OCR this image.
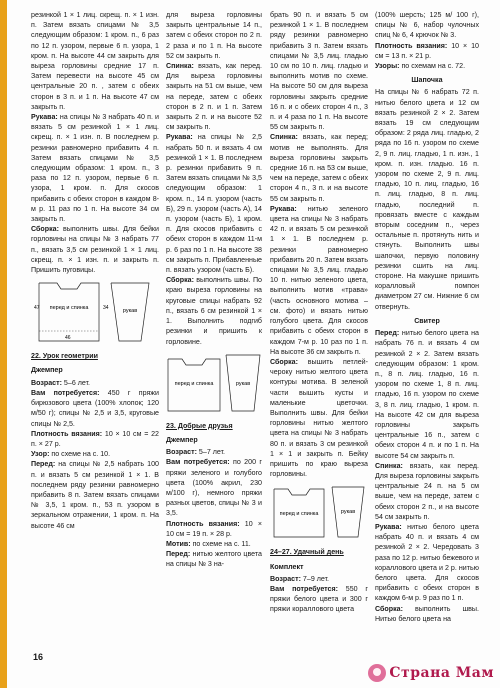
резинкой 1 × 1 лиц. скрещ. п. × 1 изн. п. Затем вязать спицами № 3,5 следующим образом: 1 кром. п., 6 раз по 12 п. узором, первые 6 п. узора, 1 кром. п. На высоте 44 см закрыть для выреза горловины средние 17 п. Затем перевести на высоте 45 см центральные 20 п. , затем с обеих сторон в 3 п. и 1 п. На высоте 47 см закрыть п.

Рукава: на спицы № 3 набрать 40 п. и вязать 5 см резинкой 1 × 1 лиц. скрещ. п. × 1 изн. п. В последнем р. резинки равномерно прибавить 4 п. Затем вязать спицами № 3,5 следующим образом: 1 кром. п., 3 раза по 12 п. узором, первые 6 п. узора, 1 кром. п. Для скосов прибавить с обеих сторон в каждом 8-м р. 11 раз по 1 п. На высоте 34 см закрыть п.

Сборка: выполнить швы. Для бейки горловины на спицы № 3 набрать 77 п., вязать 3,5 см резинкой 1 × 1 лиц. скрещ. п. × 1 изн. п. и закрыть п. Пришить пуговицы.

перед и спинка	рукав
47	34
46

22. Урок геометрии

Джемпер

Возраст: 5–6 лет.

Вам потребуется: 450 г пряжи бирюзового цвета (100% хлопок; 120 м/50 г); спицы № 2,5 и 3,5, круговые спицы № 2,5.

Плотность вязания: 10 × 10 см = 22 п. × 27 р.

Узор: по схеме на с. 10.

Перед: на спицы № 2,5 набрать 100 п. и вязать 5 см резинкой 1 × 1. В последнем ряду резинки равномерно прибавить 8 п. Затем вязать спицами № 3,5, 1 кром. п., 53 п. узором в зеркальном отражении, 1 кром. п. На высоте 46 см

для выреза горловины закрыть центральные 14 п., затем с обеих сторон по 2 п. 2 раза и по 1 п. На высоте 52 см закрыть п.

Спинка: вязать, как перед. Для выреза горловины закрыть на 51 см выше, чем на переде, затем с обеих сторон в 2 п. и 1 п. Затем закрыть 2 п. и на высоте 52 см закрыть п.

Рукава: на спицы № 2,5 набрать 50 п. и вязать 4 см резинкой 1 × 1. В последнем р. резинки прибавить 9 п. Затем вязать спицами № 3,5 следующим образом: 1 кром. п., 14 п. узором (часть Б), 29 п. узором (часть А), 14 п. узором (часть Б), 1 кром. п. Для скосов прибавить с обеих сторон в каждом 11-м р. 6 раз по 1 п. На высоте 38 см закрыть п. Прибавленные п. вязать узором (часть Б).

Сборка: выполнить швы. По краю выреза горловины на круговые спицы набрать 92 п., вязать 6 см резинкой 1 × 1. Выполнить подгиб резинки и пришить к горловине.

перед и спинка	рукав

23. Добрые друзья

Джемпер

Возраст: 5–7 лет.

Вам потребуется: по 200 г пряжи зеленого и голубого цвета (100% акрил, 230 м/100 г), немного пряжи разных цветов, спицы № 3 и 3,5.

Плотность вязания: 10 × 10 см = 19 п. × 28 р.

Мотив: по схеме на с. 11.

Перед: нитью желтого цвета на спицы № 3 на-

брать 90 п. и вязать 5 см резинкой 1 × 1. В последнем ряду резинки равномерно прибавить 3 п. Затем вязать спицами № 3,5 лиц. гладью 10 см по 10 п. лиц. гладью и выполнить мотив по схеме. На высоте 50 см для выреза горловины закрыть средние 16 п. и с обеих сторон 4 п., 3 п. и 4 раза по 1 п. На высоте 55 см закрыть п.

Спинка: вязать, как перед; мотив не выполнять. Для выреза горловины закрыть средние 16 п. на 53 см выше, чем на переде, затем с обеих сторон 4 п., 3 п. и на высоте 55 см закрыть п.

Рукава: нитью зеленого цвета на спицы № 3 набрать 42 п. и вязать 5 см резинкой 1 × 1. В последнем р. резинки равномерно прибавить 20 п. Затем вязать спицами № 3,5 лиц. гладью 10 п. нитью зеленого цвета, выполнить мотив «трава» (часть основного мотива – см. фото) и вязать нитью голубого цвета. Для скосов прибавить с обеих сторон в каждом 7-м р. 10 раз по 1 п. На высоте 36 см закрыть п.

Сборка: вышить петлей-чероку нитью желтого цвета контуры мотива. В зеленой части вышить кусты и маленькие цветочки. Выполнить швы. Для бейки горловины нитью желтого цвета на спицы № 3 набрать 80 п. и вязать 3 см резинкой 1 × 1 и закрыть п. Бейку пришить по краю выреза горловины.

перед и спинка	рукав

24–27. Удачный день

Комплект

Возраст: 7–9 лет.

Вам потребуется: 550 г пряжи белого цвета и 300 г пряжи кораллового цвета

(100% шерсть; 125 м/ 100 г), спицы № 6, набор чулочных спиц № 6, 4 крючок № 3.

Плотность вязания: 10 × 10 см = 13 п. × 21 р.

Узоры: по схемам на с. 72.

Шапочка

На спицы № 6 набрать 72 п. нитью белого цвета и 12 см вязать резинкой 2 × 2. Затем вязать 19 см следующим образом: 2 ряда лиц. гладью, 2 ряда по 16 п. узором по схеме 2, 9 п. лиц. гладью, 1 п. изн., 1 кром. п. изн. гладью. 16 п. узором по схеме 2, 9 п. лиц. гладью, 10 п. лиц. гладью, 16 п. лиц. гладью, 8 п. лиц. гладью, последний п. провязать вместе с каждым вторым соседним п., через остальные п. протянуть нить и стянуть. Выполнить швы шапочки, первую половину резинки сшить на лиц. стороне. На макушке пришить коралловый помпон диаметром 27 см. Нижние 6 см отвернуть.

Свитер

Перед: нитью белого цвета на набрать 76 п. и вязать 4 см резинкой 2 × 2. Затем вязать следующим образом: 1 кром. п., 8 п. лиц. гладью, 16 п. узором по схеме 1, 8 п. лиц. гладью, 16 п. узором по схеме 3, 8 п. лиц. гладью, 1 кром. п. На высоте 42 см для выреза горловины закрыть центральные 16 п., затем с обеих сторон 4 п. и по 1 п. На высоте 54 см закрыть п.

Спинка: вязать, как перед. Для выреза горловины закрыть центральные 24 п. на 5 см выше, чем на переде, затем с обеих сторон 2 п., и на высоте 54 см закрыть п.

Рукава: нитью белого цвета набрать 40 п. и вязать 4 см резинкой 2 × 2. Чередовать 3 раза по 12 р. нитью бежевого и кораллового цвета и 2 р. нитью белого цвета. Для скосов прибавить с обеих сторон в каждом 6-м р. 9 раз по 1 п.

Сборка: выполнить швы. Нитью белого цвета на

16
Страна Мам
